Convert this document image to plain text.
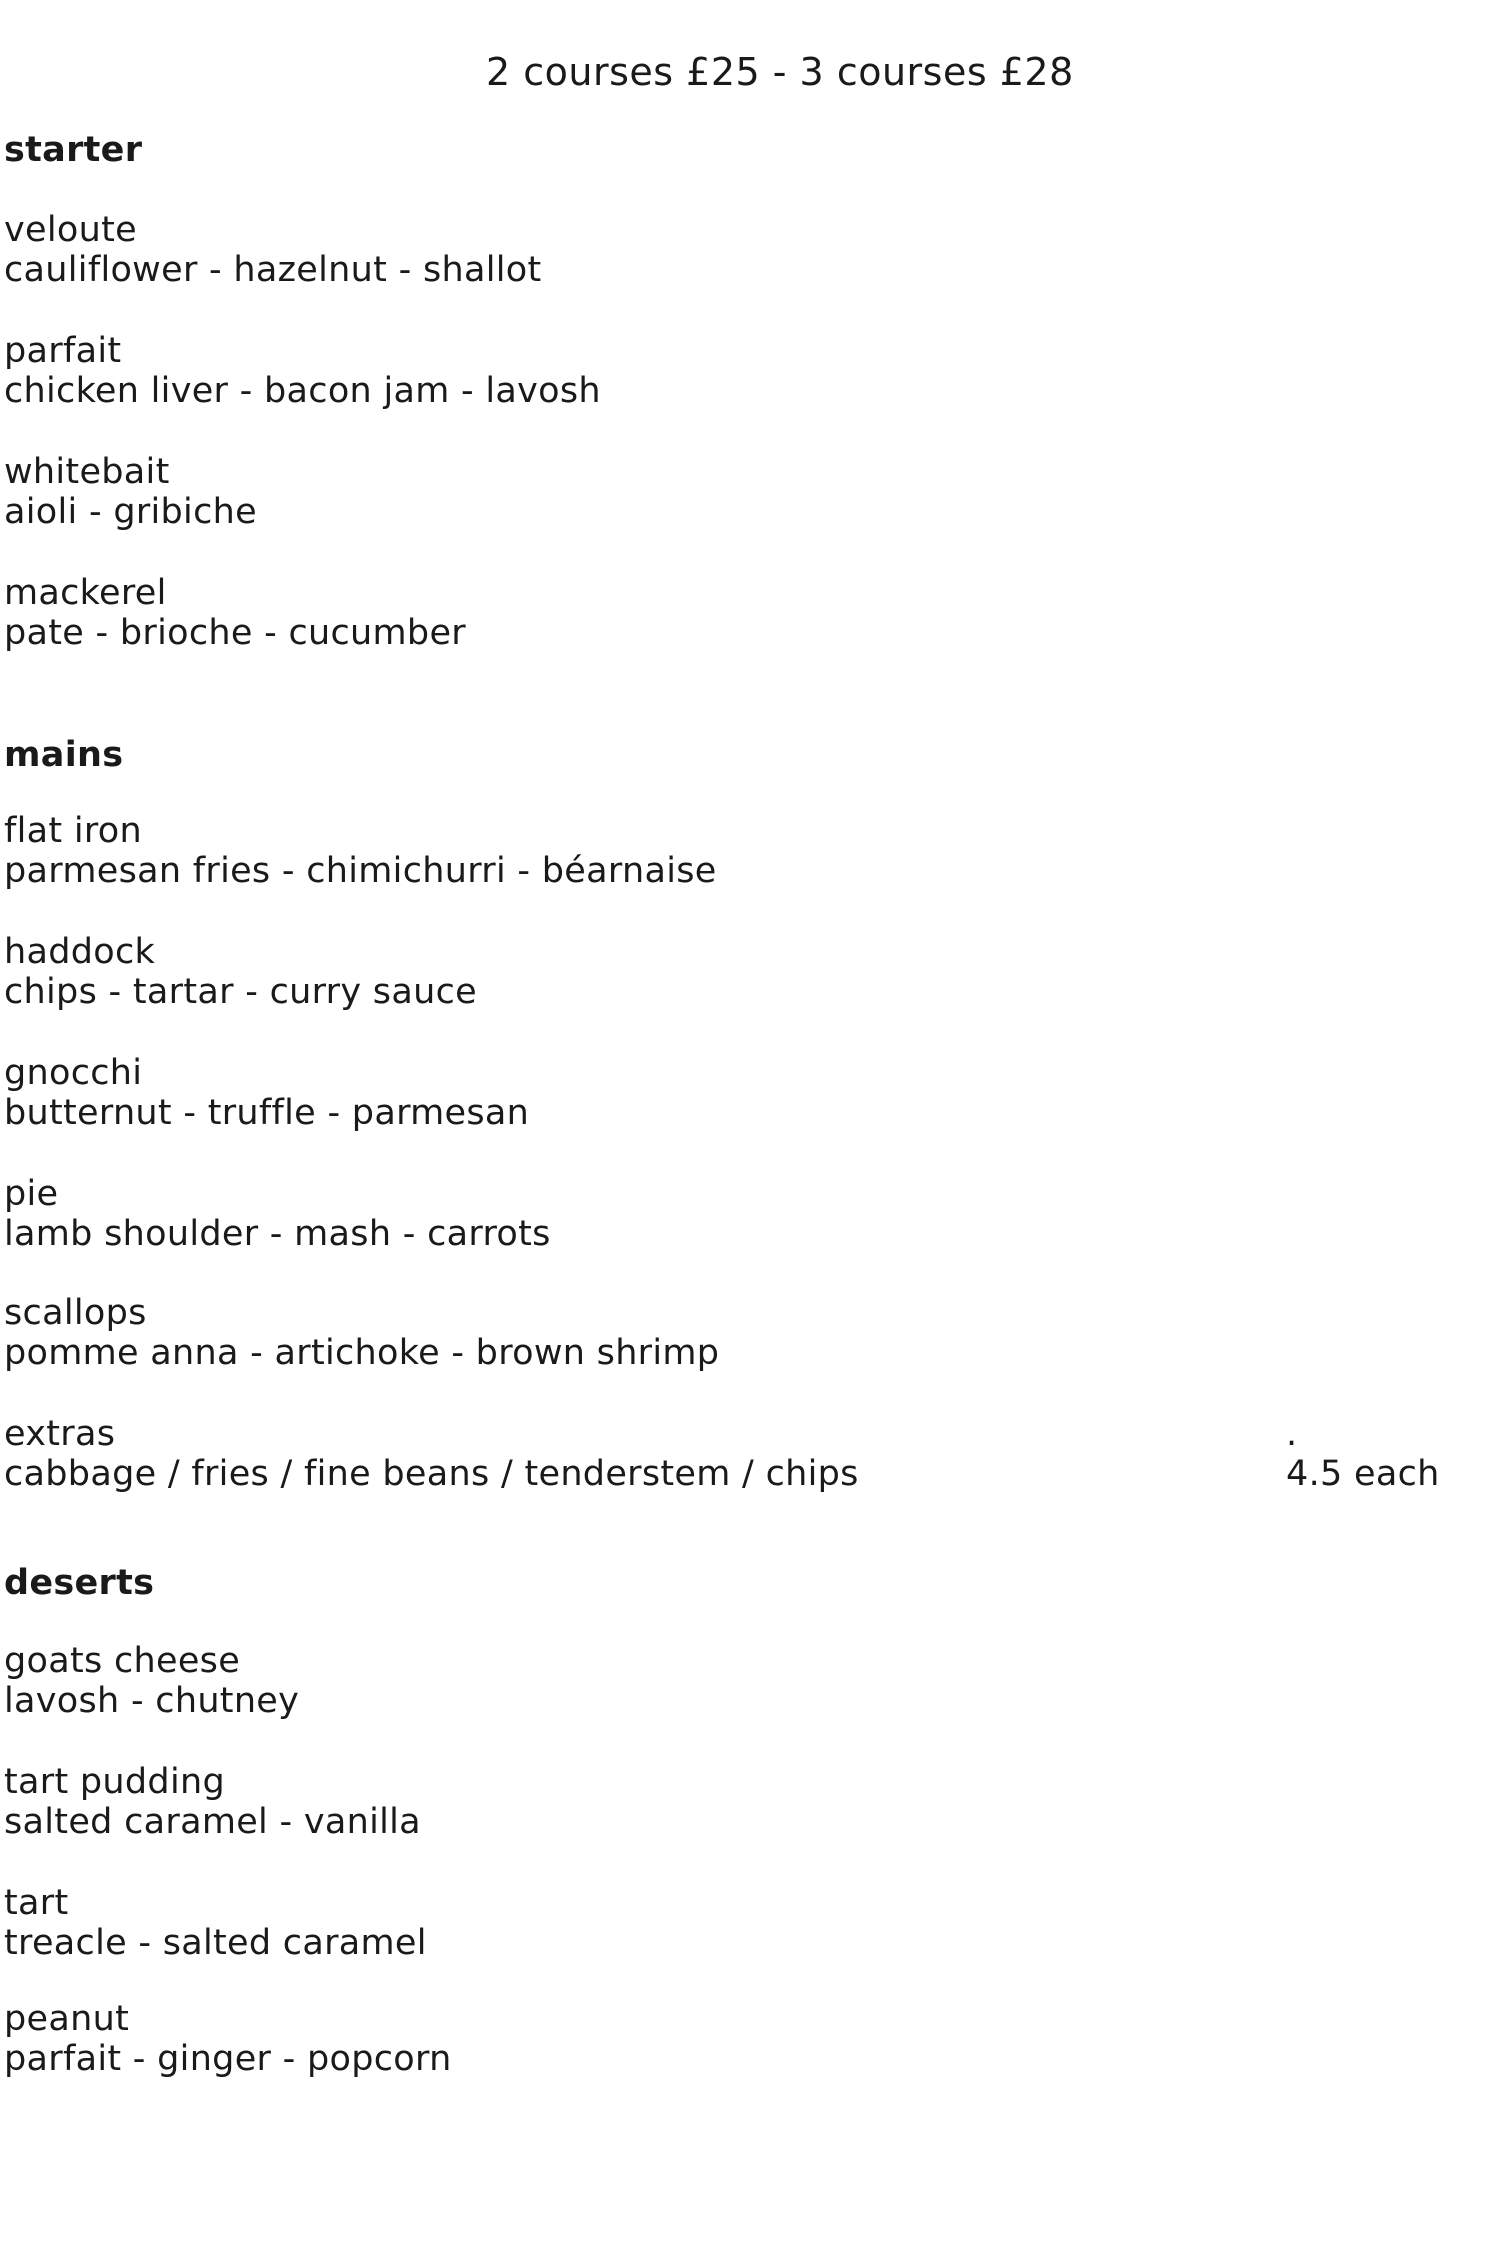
2 courses £25 - 3 courses £28
starter
veloute
cauliflower - hazelnut - shallot
parfait
chicken liver - bacon jam - lavosh
whitebait
aioli - gribiche
mackerel
pate - brioche - cucumber
mains
flat iron
parmesan fries - chimichurri - béarnaise
haddock
chips - tartar - curry sauce
gnocchi
butternut - truffle - parmesan
pie
lamb shoulder - mash - carrots
scallops
pomme anna - artichoke - brown shrimp
extras
cabbage / fries / fine beans / tenderstem / chips
.
4.5 each
deserts
goats cheese
lavosh - chutney
tart pudding
salted caramel - vanilla
tart
treacle - salted caramel
peanut
parfait - ginger - popcorn
